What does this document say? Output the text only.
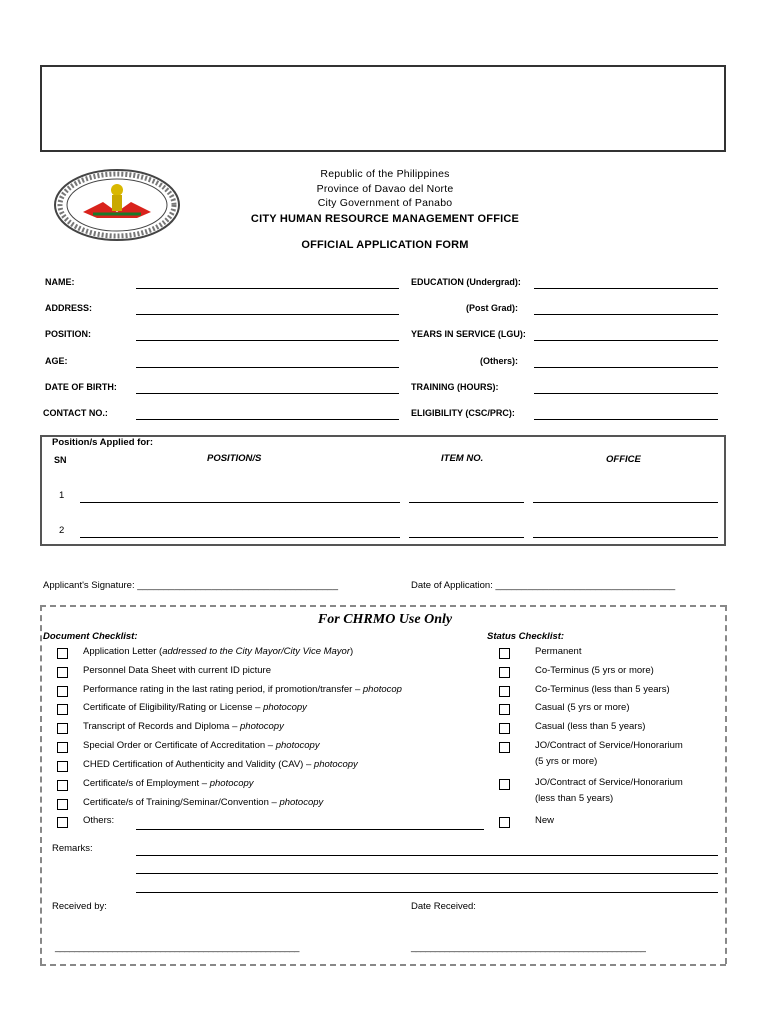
Republic of the Philippines
Province of Davao del Norte
City Government of Panabo
CITY HUMAN RESOURCE MANAGEMENT OFFICE
OFFICIAL APPLICATION FORM
NAME:
ADDRESS:
POSITION:
AGE:
DATE OF BIRTH:
CONTACT NO.:
EDUCATION (Undergrad):
(Post Grad):
YEARS IN SERVICE (LGU):
(Others):
TRAINING (HOURS):
ELIGIBILITY (CSC/PRC):
Position/s Applied for:
SN	POSITION/S	ITEM NO.	OFFICE
1
2
Applicant's Signature: ______________________________________	Date of Application: __________________________________
For CHRMO Use Only
Document Checklist:	Status Checklist:
Application Letter (addressed to the City Mayor/City Vice Mayor)
Personnel Data Sheet with current ID picture
Performance rating in the last rating period, if promotion/transfer – photocop
Certificate of Eligibility/Rating or License – photocopy
Transcript of Records and Diploma – photocopy
Special Order or Certificate of Accreditation – photocopy
CHED Certification of Authenticity and Validity (CAV) – photocopy
Certificate/s of Employment – photocopy
Certificate/s of Training/Seminar/Convention – photocopy
Others:
Permanent
Co-Terminus (5 yrs or more)
Co-Terminus (less than 5 years)
Casual (5 yrs or more)
Casual (less than 5 years)
JO/Contract of Service/Honorarium
(5 yrs or more)
JO/Contract of Service/Honorarium
(less than 5 years)
New
Remarks:
Received by:	Date Received:
___________________________________________________	_________________________________________________
